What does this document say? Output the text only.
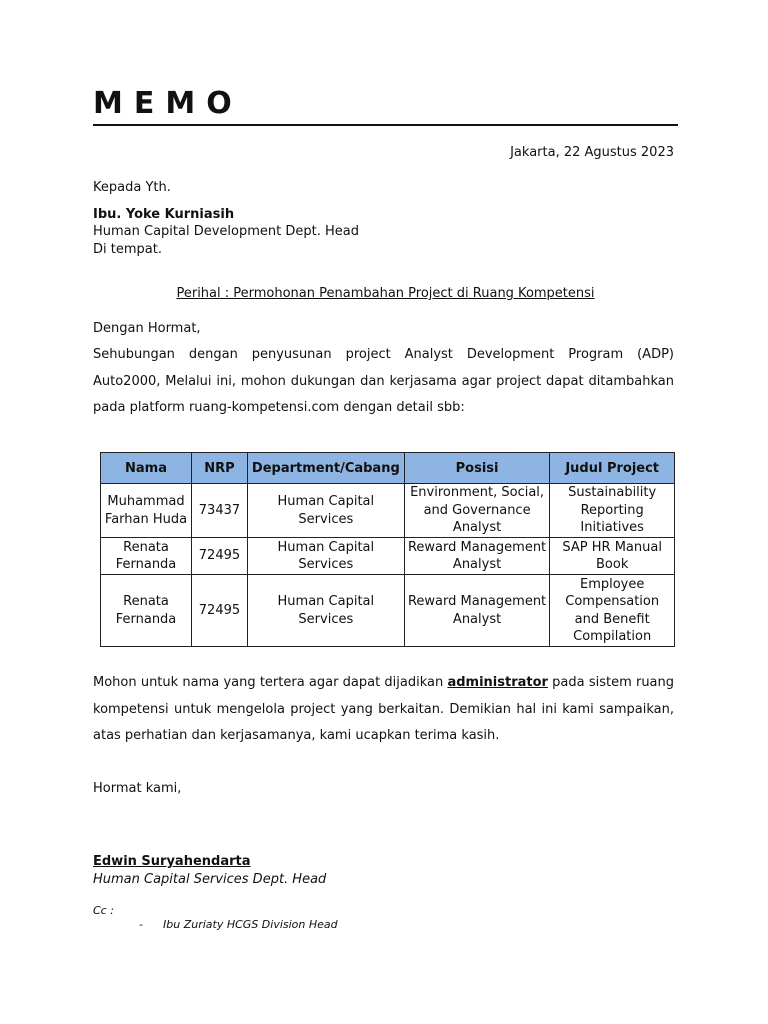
MEMO
Jakarta, 22 Agustus 2023
Kepada Yth.
Ibu. Yoke Kurniasih
Human Capital Development Dept. Head
Di tempat.
Perihal : Permohonan Penambahan Project di Ruang Kompetensi
Dengan Hormat,
Sehubungan dengan penyusunan project Analyst Development Program (ADP) Auto2000, Melalui ini, mohon dukungan dan kerjasama agar project dapat ditambahkan pada platform ruang-kompetensi.com dengan detail sbb:
Nama	NRP	Department/Cabang	Posisi	Judul Project
Muhammad Farhan Huda	73437	Human Capital Services	Environment, Social, and Governance Analyst	Sustainability Reporting Initiatives
Renata Fernanda	72495	Human Capital Services	Reward Management Analyst	SAP HR Manual Book
Renata Fernanda	72495	Human Capital Services	Reward Management Analyst	Employee Compensation and Benefit Compilation
Mohon untuk nama yang tertera agar dapat dijadikan administrator pada sistem ruang kompetensi untuk mengelola project yang berkaitan. Demikian hal ini kami sampaikan, atas perhatian dan kerjasamanya, kami ucapkan terima kasih.
Hormat kami,
Edwin Suryahendarta
Human Capital Services Dept. Head
Cc :
- Ibu Zuriaty HCGS Division Head
